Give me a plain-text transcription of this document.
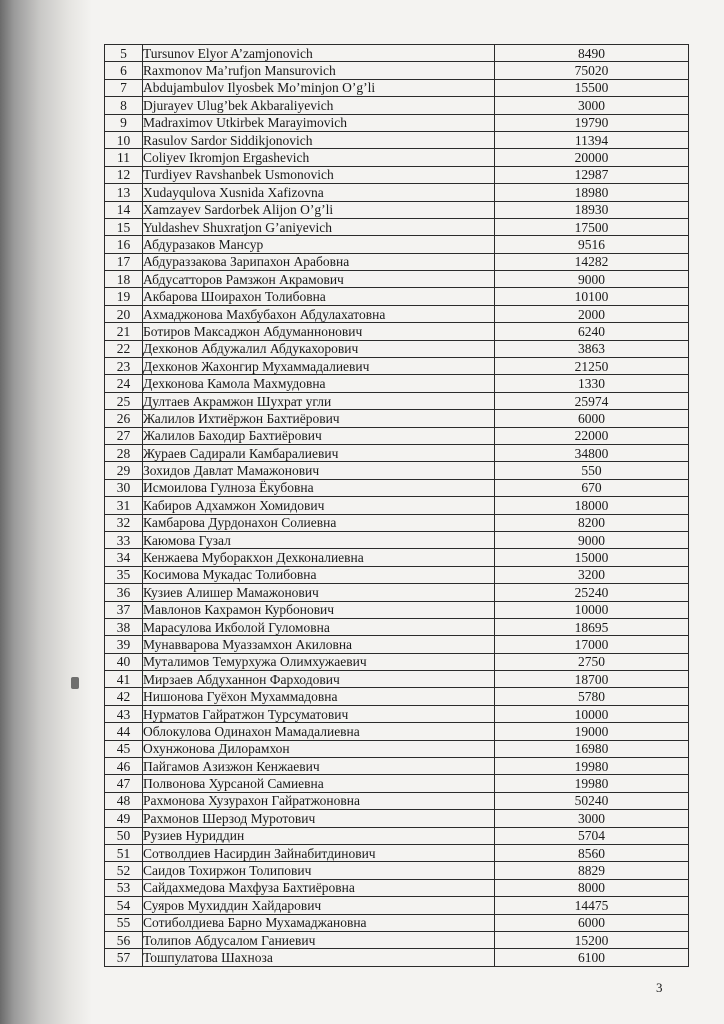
5	Tursunov Elyor A’zamjonovich	8490
6	Raxmonov Ma’rufjon Mansurovich	75020
7	Abdujambulov Ilyosbek Mo’minjon O’g’li	15500
8	Djurayev Ulug’bek Akbaraliyevich	3000
9	Madraximov Utkirbek Marayimovich	19790
10	Rasulov Sardor Siddikjonovich	11394
11	Coliyev Ikromjon Ergashevich	20000
12	Turdiyev Ravshanbek Usmonovich	12987
13	Xudayqulova Xusnida Xafizovna	18980
14	Xamzayev Sardorbek Alijon O’g’li	18930
15	Yuldashev Shuxratjon G’aniyevich	17500
16	Абдуразаков Мансур	9516
17	Абдураззакова Зарипахон Арабовна	14282
18	Абдусатторов Рамзжон Акрамович	9000
19	Акбарова Шоирахон Толибовна	10100
20	Ахмаджонова Махбубахон Абдулахатовна	2000
21	Ботиров Максаджон Абдуманнонович	6240
22	Дехконов Абдужалил Абдукахорович	3863
23	Дехконов Жахонгир Мухаммадалиевич	21250
24	Дехконова Камола Махмудовна	1330
25	Дултаев Акрамжон Шухрат угли	25974
26	Жалилов Ихтиёржон Бахтиёрович	6000
27	Жалилов Баходир Бахтиёрович	22000
28	Жураев Садирали Камбаралиевич	34800
29	Зохидов Давлат Мамажонович	550
30	Исмоилова Гулноза Ёкубовна	670
31	Кабиров Адхамжон Хомидович	18000
32	Камбарова Дурдонахон Солиевна	8200
33	Каюмова Гузал	9000
34	Кенжаева Муборакхон Дехконалиевна	15000
35	Косимова Мукадас Толибовна	3200
36	Кузиев Алишер Мамажонович	25240
37	Мавлонов Кахрамон Курбонович	10000
38	Марасулова Икболой Гуломовна	18695
39	Мунавварова Муаззамхон Акиловна	17000
40	Муталимов Темурхужа Олимхужаевич	2750
41	Мирзаев Абдуханнон Фарходович	18700
42	Нишонова Гуёхон Мухаммадовна	5780
43	Нурматов Гайратжон Турсуматович	10000
44	Облокулова Одинахон Мамадалиевна	19000
45	Охунжонова Дилорамхон	16980
46	Пайгамов Азизжон Кенжаевич	19980
47	Полвонова Хурсаной Самиевна	19980
48	Рахмонова Хузурахон Гайратжоновна	50240
49	Рахмонов Шерзод Муротович	3000
50	Рузиев Нуриддин	5704
51	Сотволдиев Насирдин Зайнабитдинович	8560
52	Саидов Тохиржон Толипович	8829
53	Сайдахмедова Махфуза Бахтиёровна	8000
54	Суяров Мухиддин Хайдарович	14475
55	Сотиболдиева Барно Мухамаджановна	6000
56	Толипов Абдусалом Ганиевич	15200
57	Тошпулатова Шахноза	6100
3
